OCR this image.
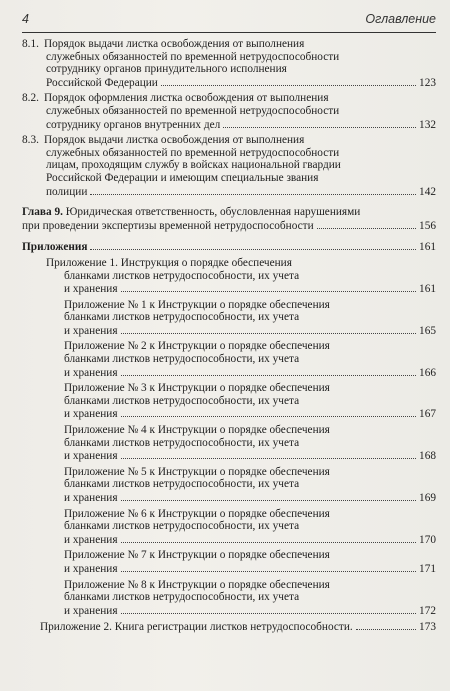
4	Оглавление
8.1. Порядок выдачи листка освобождения от выполнения
служебных обязанностей по временной нетрудоспособности
сотруднику органов принудительного исполнения
Российской Федерации	123
8.2. Порядок оформления листка освобождения от выполнения
служебных обязанностей по временной нетрудоспособности
сотруднику органов внутренних дел	132
8.3. Порядок выдачи листка освобождения от выполнения
служебных обязанностей по временной нетрудоспособности
лицам, проходящим службу в войсках национальной гвардии
Российской Федерации и имеющим специальные звания
полиции	142
Глава 9. Юридическая ответственность, обусловленная нарушениями
при проведении экспертизы временной нетрудоспособности	156
Приложения	161
Приложение 1. Инструкция о порядке обеспечения
бланками листков нетрудоспособности, их учета
и хранения	161
Приложение № 1 к Инструкции о порядке обеспечения
бланками листков нетрудоспособности, их учета
и хранения	165
Приложение № 2 к Инструкции о порядке обеспечения
бланками листков нетрудоспособности, их учета
и хранения	166
Приложение № 3 к Инструкции о порядке обеспечения
бланками листков нетрудоспособности, их учета
и хранения	167
Приложение № 4 к Инструкции о порядке обеспечения
бланками листков нетрудоспособности, их учета
и хранения	168
Приложение № 5 к Инструкции о порядке обеспечения
бланками листков нетрудоспособности, их учета
и хранения	169
Приложение № 6 к Инструкции о порядке обеспечения
бланками листков нетрудоспособности, их учета
и хранения	170
Приложение № 7 к Инструкции о порядке обеспечения
и хранения	171
Приложение № 8 к Инструкции о порядке обеспечения
бланками листков нетрудоспособности, их учета
и хранения	172
Приложение 2. Книга регистрации листков нетрудоспособности.	173
